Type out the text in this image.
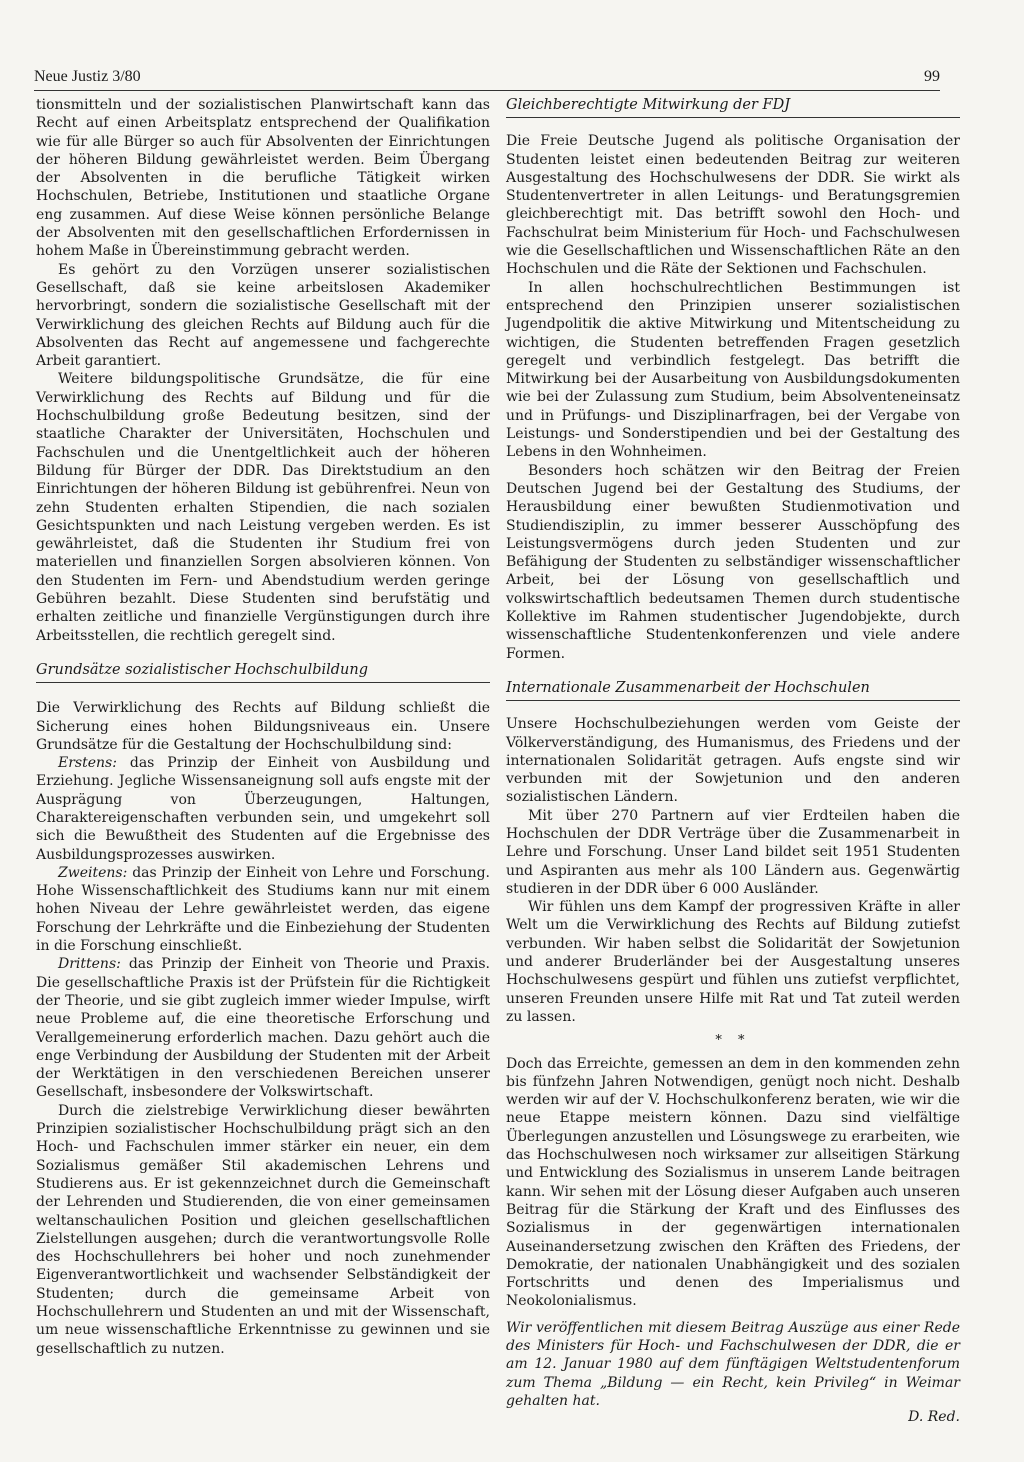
Neue Justiz 3/80	99

tionsmitteln und der sozialistischen Planwirtschaft kann das Recht auf einen Arbeitsplatz entsprechend der Qualifikation wie für alle Bürger so auch für Absolventen der Einrichtungen der höheren Bildung gewährleistet werden. Beim Übergang der Absolventen in die berufliche Tätigkeit wirken Hochschulen, Betriebe, Institutionen und staatliche Organe eng zusammen. Auf diese Weise können persönliche Belange der Absolventen mit den gesellschaftlichen Erfordernissen in hohem Maße in Übereinstimmung gebracht werden.

Es gehört zu den Vorzügen unserer sozialistischen Gesellschaft, daß sie keine arbeitslosen Akademiker hervorbringt, sondern die sozialistische Gesellschaft mit der Verwirklichung des gleichen Rechts auf Bildung auch für die Absolventen das Recht auf angemessene und fachgerechte Arbeit garantiert.

Weitere bildungspolitische Grundsätze, die für eine Verwirklichung des Rechts auf Bildung und für die Hochschulbildung große Bedeutung besitzen, sind der staatliche Charakter der Universitäten, Hochschulen und Fachschulen und die Unentgeltlichkeit auch der höheren Bildung für Bürger der DDR. Das Direktstudium an den Einrichtungen der höheren Bildung ist gebührenfrei. Neun von zehn Studenten erhalten Stipendien, die nach sozialen Gesichtspunkten und nach Leistung vergeben werden. Es ist gewährleistet, daß die Studenten ihr Studium frei von materiellen und finanziellen Sorgen absolvieren können. Von den Studenten im Fern- und Abendstudium werden geringe Gebühren bezahlt. Diese Studenten sind berufstätig und erhalten zeitliche und finanzielle Vergünstigungen durch ihre Arbeitsstellen, die rechtlich geregelt sind.

Grundsätze sozialistischer Hochschulbildung

Die Verwirklichung des Rechts auf Bildung schließt die Sicherung eines hohen Bildungsniveaus ein. Unsere Grundsätze für die Gestaltung der Hochschulbildung sind:

Erstens: das Prinzip der Einheit von Ausbildung und Erziehung. Jegliche Wissensaneignung soll aufs engste mit der Ausprägung von Überzeugungen, Haltungen, Charaktereigenschaften verbunden sein, und umgekehrt soll sich die Bewußtheit des Studenten auf die Ergebnisse des Ausbildungsprozesses auswirken.

Zweitens: das Prinzip der Einheit von Lehre und Forschung. Hohe Wissenschaftlichkeit des Studiums kann nur mit einem hohen Niveau der Lehre gewährleistet werden, das eigene Forschung der Lehrkräfte und die Einbeziehung der Studenten in die Forschung einschließt.

Drittens: das Prinzip der Einheit von Theorie und Praxis. Die gesellschaftliche Praxis ist der Prüfstein für die Richtigkeit der Theorie, und sie gibt zugleich immer wieder Impulse, wirft neue Probleme auf, die eine theoretische Erforschung und Verallgemeinerung erforderlich machen. Dazu gehört auch die enge Verbindung der Ausbildung der Studenten mit der Arbeit der Werktätigen in den verschiedenen Bereichen unserer Gesellschaft, insbesondere der Volkswirtschaft.

Durch die zielstrebige Verwirklichung dieser bewährten Prinzipien sozialistischer Hochschulbildung prägt sich an den Hoch- und Fachschulen immer stärker ein neuer, ein dem Sozialismus gemäßer Stil akademischen Lehrens und Studierens aus. Er ist gekennzeichnet durch die Gemeinschaft der Lehrenden und Studierenden, die von einer gemeinsamen weltanschaulichen Position und gleichen gesellschaftlichen Zielstellungen ausgehen; durch die verantwortungsvolle Rolle des Hochschullehrers bei hoher und noch zunehmender Eigenverantwortlichkeit und wachsender Selbständigkeit der Studenten; durch die gemeinsame Arbeit von Hochschullehrern und Studenten an und mit der Wissenschaft, um neue wissenschaftliche Erkenntnisse zu gewinnen und sie gesellschaftlich zu nutzen.

Gleichberechtigte Mitwirkung der FDJ

Die Freie Deutsche Jugend als politische Organisation der Studenten leistet einen bedeutenden Beitrag zur weiteren Ausgestaltung des Hochschulwesens der DDR. Sie wirkt als Studentenvertreter in allen Leitungs- und Beratungsgremien gleichberechtigt mit. Das betrifft sowohl den Hoch- und Fachschulrat beim Ministerium für Hoch- und Fachschulwesen wie die Gesellschaftlichen und Wissenschaftlichen Räte an den Hochschulen und die Räte der Sektionen und Fachschulen.

In allen hochschulrechtlichen Bestimmungen ist entsprechend den Prinzipien unserer sozialistischen Jugendpolitik die aktive Mitwirkung und Mitentscheidung zu wichtigen, die Studenten betreffenden Fragen gesetzlich geregelt und verbindlich festgelegt. Das betrifft die Mitwirkung bei der Ausarbeitung von Ausbildungsdokumenten wie bei der Zulassung zum Studium, beim Absolventeneinsatz und in Prüfungs- und Disziplinarfragen, bei der Vergabe von Leistungs- und Sonderstipendien und bei der Gestaltung des Lebens in den Wohnheimen.

Besonders hoch schätzen wir den Beitrag der Freien Deutschen Jugend bei der Gestaltung des Studiums, der Herausbildung einer bewußten Studienmotivation und Studiendisziplin, zu immer besserer Ausschöpfung des Leistungsvermögens durch jeden Studenten und zur Befähigung der Studenten zu selbständiger wissenschaftlicher Arbeit, bei der Lösung von gesellschaftlich und volkswirtschaftlich bedeutsamen Themen durch studentische Kollektive im Rahmen studentischer Jugendobjekte, durch wissenschaftliche Studentenkonferenzen und viele andere Formen.

Internationale Zusammenarbeit der Hochschulen

Unsere Hochschulbeziehungen werden vom Geiste der Völkerverständigung, des Humanismus, des Friedens und der internationalen Solidarität getragen. Aufs engste sind wir verbunden mit der Sowjetunion und den anderen sozialistischen Ländern.

Mit über 270 Partnern auf vier Erdteilen haben die Hochschulen der DDR Verträge über die Zusammenarbeit in Lehre und Forschung. Unser Land bildet seit 1951 Studenten und Aspiranten aus mehr als 100 Ländern aus. Gegenwärtig studieren in der DDR über 6 000 Ausländer.

Wir fühlen uns dem Kampf der progressiven Kräfte in aller Welt um die Verwirklichung des Rechts auf Bildung zutiefst verbunden. Wir haben selbst die Solidarität der Sowjetunion und anderer Bruderländer bei der Ausgestaltung unseres Hochschulwesens gespürt und fühlen uns zutiefst verpflichtet, unseren Freunden unsere Hilfe mit Rat und Tat zuteil werden zu lassen.

* *

Doch das Erreichte, gemessen an dem in den kommenden zehn bis fünfzehn Jahren Notwendigen, genügt noch nicht. Deshalb werden wir auf der V. Hochschulkonferenz beraten, wie wir die neue Etappe meistern können. Dazu sind vielfältige Überlegungen anzustellen und Lösungswege zu erarbeiten, wie das Hochschulwesen noch wirksamer zur allseitigen Stärkung und Entwicklung des Sozialismus in unserem Lande beitragen kann. Wir sehen mit der Lösung dieser Aufgaben auch unseren Beitrag für die Stärkung der Kraft und des Einflusses des Sozialismus in der gegenwärtigen internationalen Auseinandersetzung zwischen den Kräften des Friedens, der Demokratie, der nationalen Unabhängigkeit und des sozialen Fortschritts und denen des Imperialismus und Neokolonialismus.

Wir veröffentlichen mit diesem Beitrag Auszüge aus einer Rede des Ministers für Hoch- und Fachschulwesen der DDR, die er am 12. Januar 1980 auf dem fünftägigen Weltstudentenforum zum Thema „Bildung — ein Recht, kein Privileg“ in Weimar gehalten hat.

D. Red.
